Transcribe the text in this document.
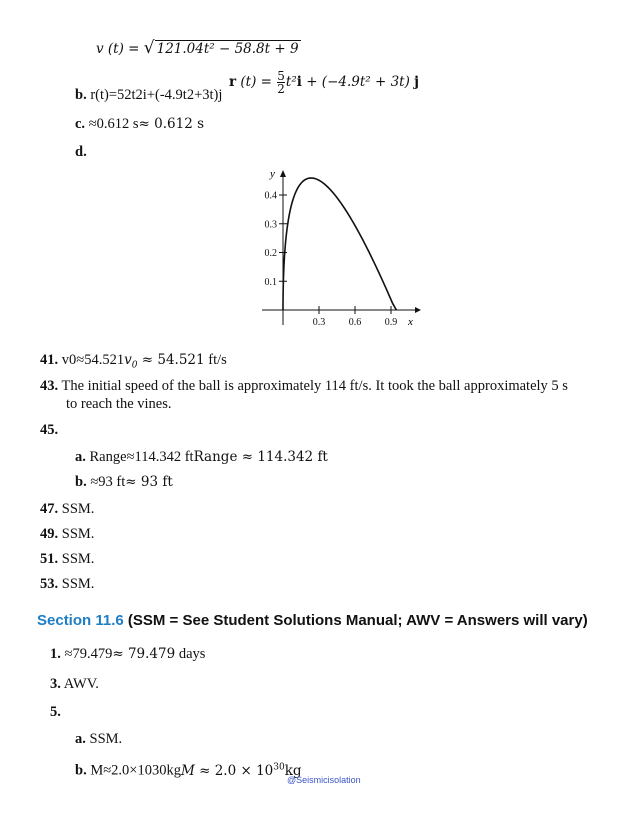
v (t) = √ 121.04t² − 58.8t + 9
b. r(t)=52t2i+(-4.9t2+3t)j
r $(t) = \frac{5}{2} t^2i + (-4.9t^2 + 3t)$ j
c. ≈0.612 s≈ 0.612 s
d.
0.3 0.6 0.9
0.1
0.2
0.3
0.4
x
y
41. $v0\approx 54.521v_0 \approx 54.521$ ft/s
43. The initial speed of the ball is approximately 114 ft/s. It took the ball approximately 5 s
to reach the vines.
45.
a. Range≈114.342 ftRange ≈ 114.342 ft
b. ≈93 ft≈ 93 ft
47. SSM.
49. SSM.
51. SSM.
53. SSM.
Section 11.6 (SSM = See Student Solutions Manual; AWV = Answers will vary)
1. ≈79.479≈ 79.479 days
3. AWV.
5.
a. SSM.
b. $M\approx 2.0\times 1030kgM \approx 2.0 \times 10^{30}kg$
@Seismicisolation
